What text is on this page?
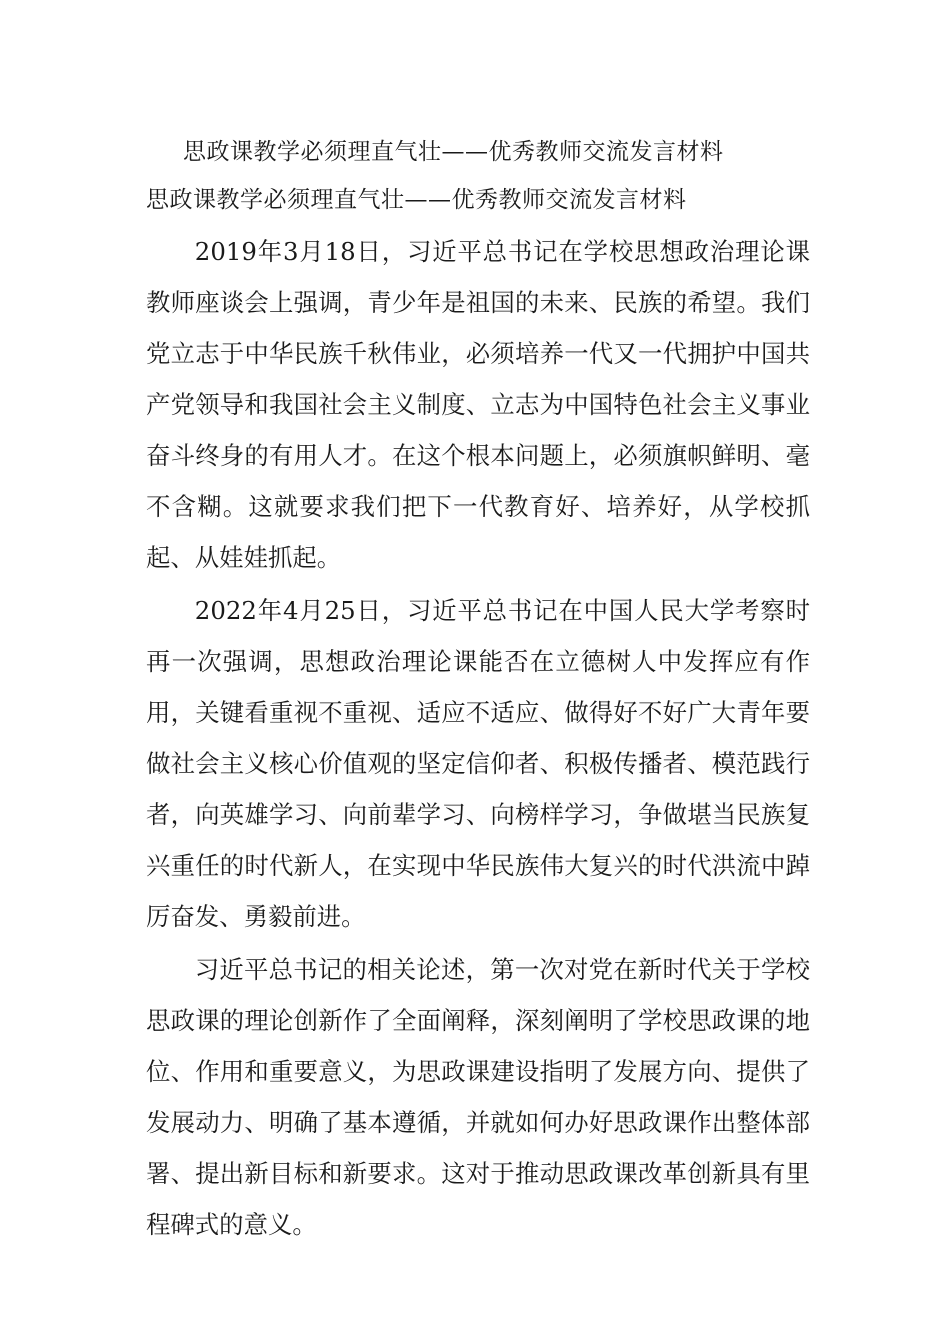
思政课教学必须理直气壮——优秀教师交流发言材料
思政课教学必须理直气壮——优秀教师交流发言材料

2019年3月18日，习近平总书记在学校思想政治理论课教师座谈会上强调，青少年是祖国的未来、民族的希望。我们党立志于中华民族千秋伟业，必须培养一代又一代拥护中国共产党领导和我国社会主义制度、立志为中国特色社会主义事业奋斗终身的有用人才。在这个根本问题上，必须旗帜鲜明、毫不含糊。这就要求我们把下一代教育好、培养好，从学校抓起、从娃娃抓起。

2022年4月25日，习近平总书记在中国人民大学考察时再一次强调，思想政治理论课能否在立德树人中发挥应有作用，关键看重视不重视、适应不适应、做得好不好广大青年要做社会主义核心价值观的坚定信仰者、积极传播者、模范践行者，向英雄学习、向前辈学习、向榜样学习，争做堪当民族复兴重任的时代新人，在实现中华民族伟大复兴的时代洪流中踔厉奋发、勇毅前进。

习近平总书记的相关论述，第一次对党在新时代关于学校思政课的理论创新作了全面阐释，深刻阐明了学校思政课的地位、作用和重要意义，为思政课建设指明了发展方向、提供了发展动力、明确了基本遵循，并就如何办好思政课作出整体部署、提出新目标和新要求。这对于推动思政课改革创新具有里程碑式的意义。
